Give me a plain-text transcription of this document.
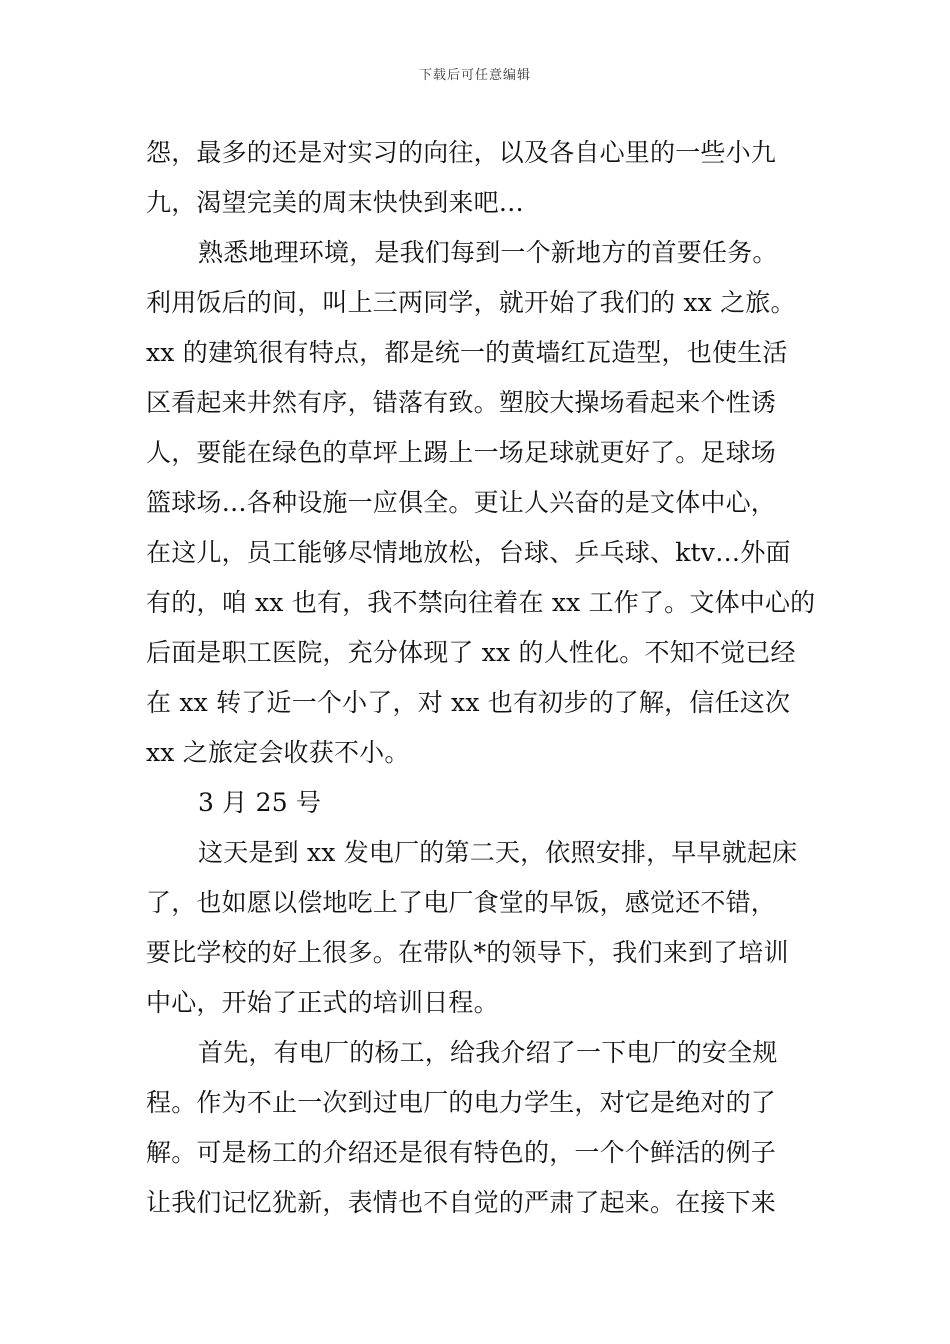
下载后可任意编辑
怨，最多的还是对实习的向往，以及各自心里的一些小九
九，渴望完美的周末快快到来吧…
熟悉地理环境，是我们每到一个新地方的首要任务。
利用饭后的间，叫上三两同学，就开始了我们的 xx 之旅。
xx 的建筑很有特点，都是统一的黄墙红瓦造型，也使生活
区看起来井然有序，错落有致。塑胶大操场看起来个性诱
人，要能在绿色的草坪上踢上一场足球就更好了。足球场
篮球场…各种设施一应俱全。更让人兴奋的是文体中心，
在这儿，员工能够尽情地放松，台球、乒乓球、ktv…外面
有的，咱 xx 也有，我不禁向往着在 xx 工作了。文体中心的
后面是职工医院，充分体现了 xx 的人性化。不知不觉已经
在 xx 转了近一个小了，对 xx 也有初步的了解，信任这次
xx 之旅定会收获不小。
3 月 25 号
这天是到 xx 发电厂的第二天，依照安排，早早就起床
了，也如愿以偿地吃上了电厂食堂的早饭，感觉还不错，
要比学校的好上很多。在带队*的领导下，我们来到了培训
中心，开始了正式的培训日程。
首先，有电厂的杨工，给我介绍了一下电厂的安全规
程。作为不止一次到过电厂的电力学生，对它是绝对的了
解。可是杨工的介绍还是很有特色的，一个个鲜活的例子
让我们记忆犹新，表情也不自觉的严肃了起来。在接下来
